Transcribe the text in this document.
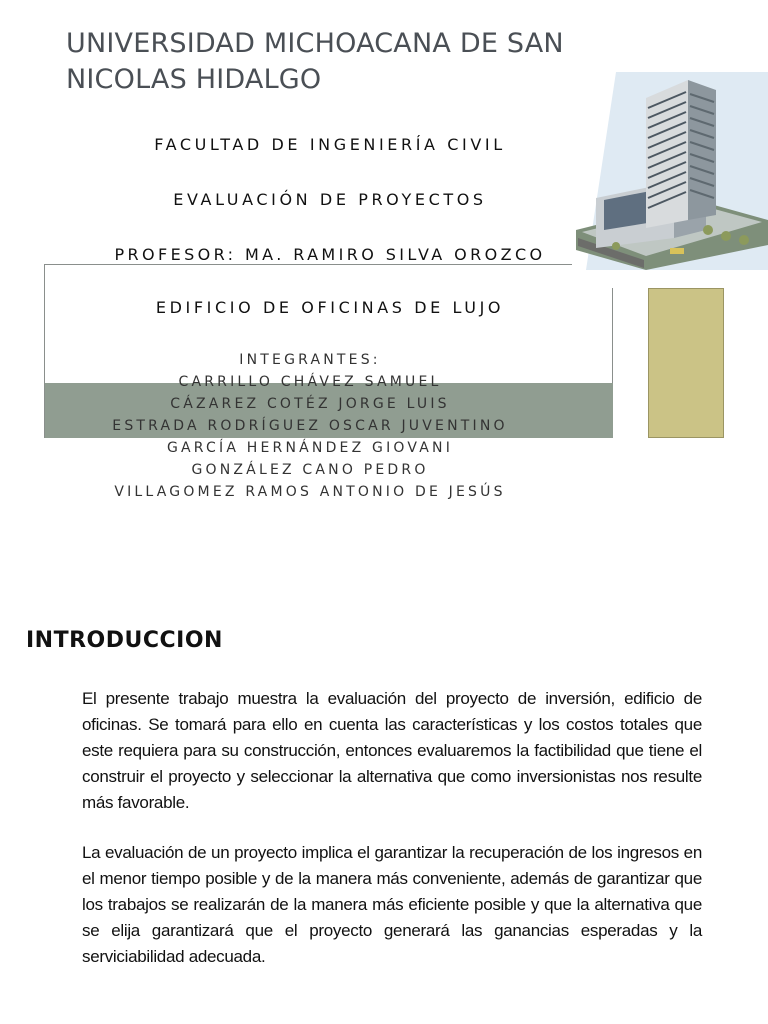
UNIVERSIDAD MICHOACANA DE SAN NICOLAS HIDALGO
FACULTAD DE INGENIERÍA CIVIL
EVALUACIÓN DE PROYECTOS
PROFESOR: MA. RAMIRO SILVA OROZCO
EDIFICIO DE OFICINAS DE LUJO
INTEGRANTES:
CARRILLO CHÁVEZ SAMUEL
CÁZAREZ COTÉZ JORGE LUIS
ESTRADA RODRÍGUEZ OSCAR JUVENTINO
GARCÍA HERNÁNDEZ GIOVANI
GONZÁLEZ CANO PEDRO
VILLAGOMEZ RAMOS ANTONIO DE JESÚS
INTRODUCCION
El presente trabajo muestra la evaluación del proyecto de inversión, edificio de oficinas. Se tomará para ello en cuenta las características y los costos totales que este requiera para su construcción, entonces evaluaremos la factibilidad que tiene el construir el proyecto y seleccionar la alternativa que como inversionistas nos resulte más favorable.
La evaluación de un proyecto implica el garantizar la recuperación de los ingresos en el menor tiempo posible y de la manera más conveniente, además de garantizar que los trabajos se realizarán de la manera más eficiente posible y que la alternativa que se elija garantizará que el proyecto generará las ganancias esperadas y la serviciabilidad adecuada.
